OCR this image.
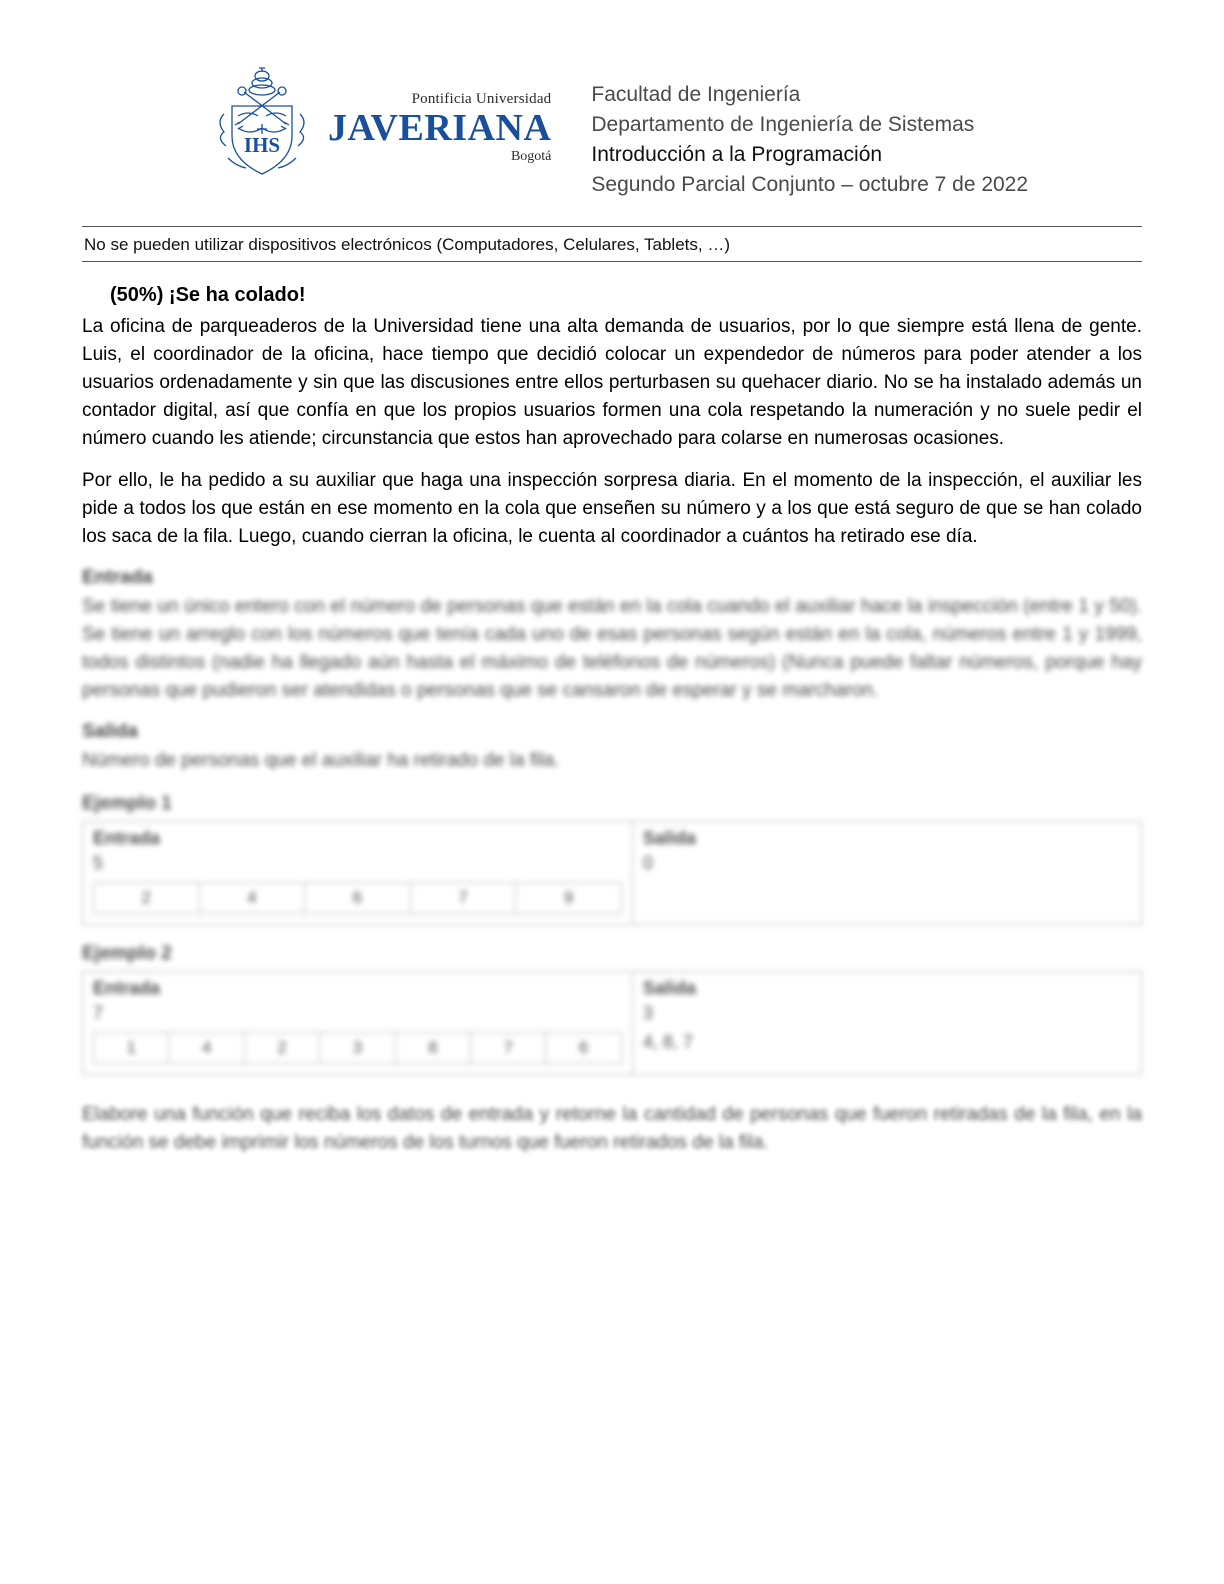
IHS
Pontificia Universidad
JAVERIANA
Bogotá
Facultad de Ingeniería
Departamento de Ingeniería de Sistemas
Introducción a la Programación
Segundo Parcial Conjunto – octubre 7 de 2022
No se pueden utilizar dispositivos electrónicos (Computadores, Celulares, Tablets, …)
(50%) ¡Se ha colado!

La oficina de parqueaderos de la Universidad tiene una alta demanda de usuarios, por lo que siempre está llena de gente. Luis, el coordinador de la oficina, hace tiempo que decidió colocar un expendedor de números para poder atender a los usuarios ordenadamente y sin que las discusiones entre ellos perturbasen su quehacer diario. No se ha instalado además un contador digital, así que confía en que los propios usuarios formen una cola respetando la numeración y no suele pedir el número cuando les atiende; circunstancia que estos han aprovechado para colarse en numerosas ocasiones.

Por ello, le ha pedido a su auxiliar que haga una inspección sorpresa diaria. En el momento de la inspección, el auxiliar les pide a todos los que están en ese momento en la cola que enseñen su número y a los que está seguro de que se han colado los saca de la fila. Luego, cuando cierran la oficina, le cuenta al coordinador a cuántos ha retirado ese día.

Entrada

Se tiene un único entero con el número de personas que están en la cola cuando el auxiliar hace la inspección (entre 1 y 50). Se tiene un arreglo con los números que tenía cada uno de esas personas según están en la cola, números entre 1 y 1999, todos distintos (nadie ha llegado aún hasta el máximo de teléfonos de números) (Nunca puede faltar números, porque hay personas que pudieron ser atendidas o personas que se cansaron de esperar y se marcharon.

Salida

Número de personas que el auxiliar ha retirado de la fila.

Ejemplo 1
Entrada
5
2	4	6	7	9

Salida
0
Ejemplo 2
Entrada
7
1	4	2	3	8	7	6

Salida
3
4, 8, 7

Elabore una función que reciba los datos de entrada y retorne la cantidad de personas que fueron retiradas de la fila, en la función se debe imprimir los números de los turnos que fueron retirados de la fila.
